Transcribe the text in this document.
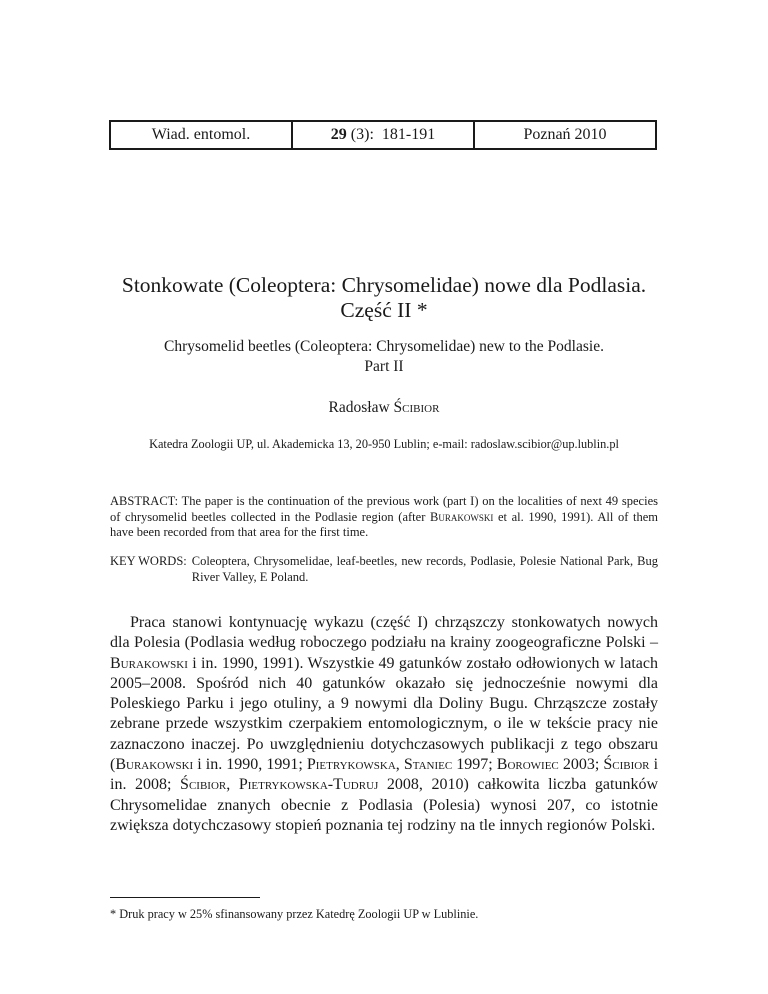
Wiad. entomol.	29 (3):  181-191	Poznań 2010
Stonkowate (Coleoptera: Chrysomelidae) nowe dla Podlasia.
Część II *
Chrysomelid beetles (Coleoptera: Chrysomelidae) new to the Podlasie.
Part II
Radosław Ścibior
Katedra Zoologii UP, ul. Akademicka 13, 20-950 Lublin; e-mail: radoslaw.scibior@up.lublin.pl
ABSTRACT: The paper is the continuation of the previous work (part I) on the localities of next 49 species of chrysomelid beetles collected in the Podlasie region (after Burakowski et al. 1990, 1991). All of them have been recorded from that area for the first time.
KEY WORDS: Coleoptera, Chrysomelidae, leaf-beetles, new records, Podlasie, Polesie National Park, Bug River Valley, E Poland.

Praca stanowi kontynuację wykazu (część I) chrząszczy stonkowatych nowych dla Polesia (Podlasia według roboczego podziału na krainy zoogeograficzne Polski – Burakowski i in. 1990, 1991). Wszystkie 49 gatunków zostało odłowionych w latach 2005–2008. Spośród nich 40 gatunków okazało się jednocześnie nowymi dla Poleskiego Parku i jego otuliny, a 9 nowymi dla Doliny Bugu. Chrząszcze zostały zebrane przede wszystkim czerpakiem entomologicznym, o ile w tekście pracy nie zaznaczono inaczej. Po uwzględnieniu dotychczasowych publikacji z tego obszaru (Burakowski i in. 1990, 1991; Pietrykowska, Staniec 1997; Borowiec 2003; Ścibior i in. 2008; Ścibior, Pietrykowska-Tudruj 2008, 2010) całkowita liczba gatunków Chrysomelidae znanych obecnie z Podlasia (Polesia) wynosi 207, co istotnie zwiększa dotychczasowy stopień poznania tej rodziny na tle innych regionów Polski.

* Druk pracy w 25% sfinansowany przez Katedrę Zoologii UP w Lublinie.
